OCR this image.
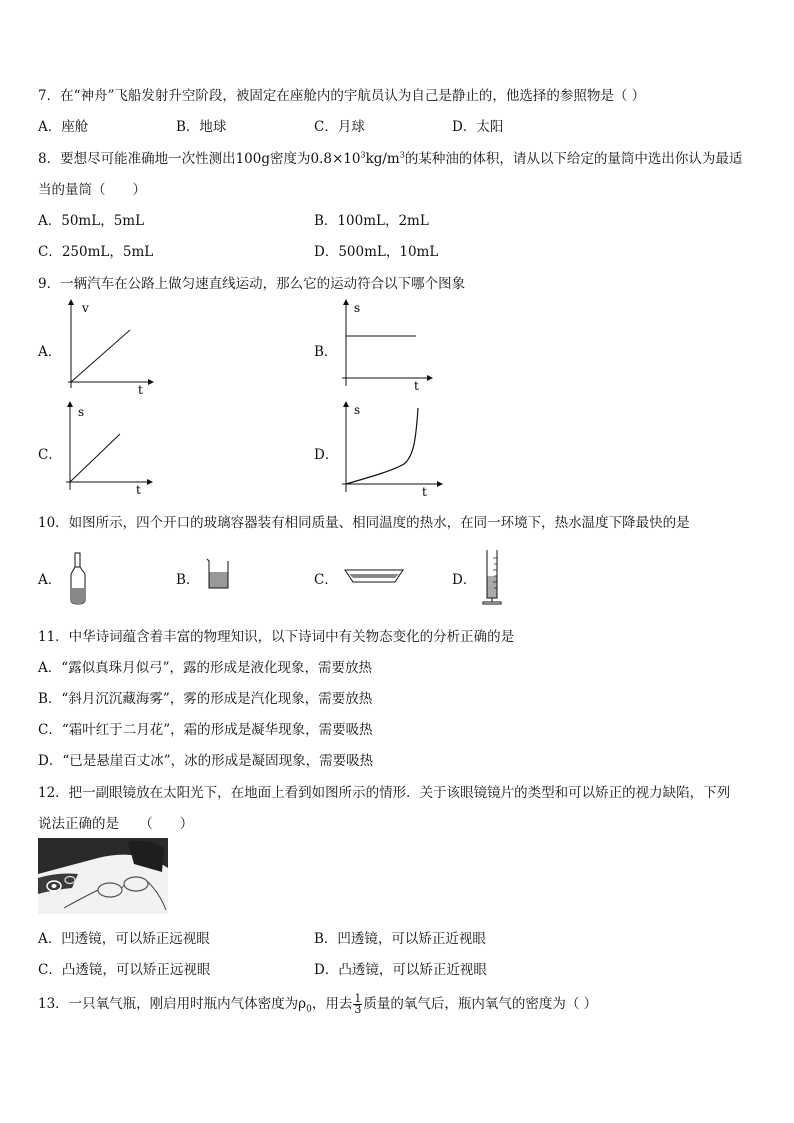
7．在“神舟”飞船发射升空阶段，被固定在座舱内的宇航员认为自己是静止的，他选择的参照物是（ ）
A．座舱	B．地球	C．月球	D．太阳
8．要想尽可能准确地一次性测出100g密度为$0.8\times 10^3kg/m^3$的某种油的体积，请从以下给定的量筒中选出你认为最适
当的量筒（　　）
A．50mL，5mL	B．100mL，2mL
C．250mL，5mL	D．500mL，10mL
9．一辆汽车在公路上做匀速直线运动，那么它的运动符合以下哪个图象
A．
v
t
B．
s
t
C．
s
t
D．
s
t
10．如图所示，四个开口的玻璃容器装有相同质量、相同温度的热水，在同一环境下，热水温度下降最快的是
A．	B．	C．	D．
11．中华诗词蕴含着丰富的物理知识，以下诗词中有关物态变化的分析正确的是
A．“露似真珠月似弓”，露的形成是液化现象，需要放热
B．“斜月沉沉藏海雾”，雾的形成是汽化现象，需要放热
C．“霜叶红于二月花”，霜的形成是凝华现象，需要吸热
D．“已是悬崖百丈冰”，冰的形成是凝固现象，需要吸热
12．把一副眼镜放在太阳光下，在地面上看到如图所示的情形．关于该眼镜镜片的类型和可以矫正的视力缺陷，下列
说法正确的是　　（　　）
A．凹透镜，可以矫正远视眼	B．凹透镜，可以矫正近视眼
C．凸透镜，可以矫正远视眼	D．凸透镜，可以矫正近视眼
13．一只氧气瓶，刚启用时瓶内气体密度为$\rho_0$，用去 $\frac{1}{3}$ 质量的氧气后，瓶内氧气的密度为（ ）
